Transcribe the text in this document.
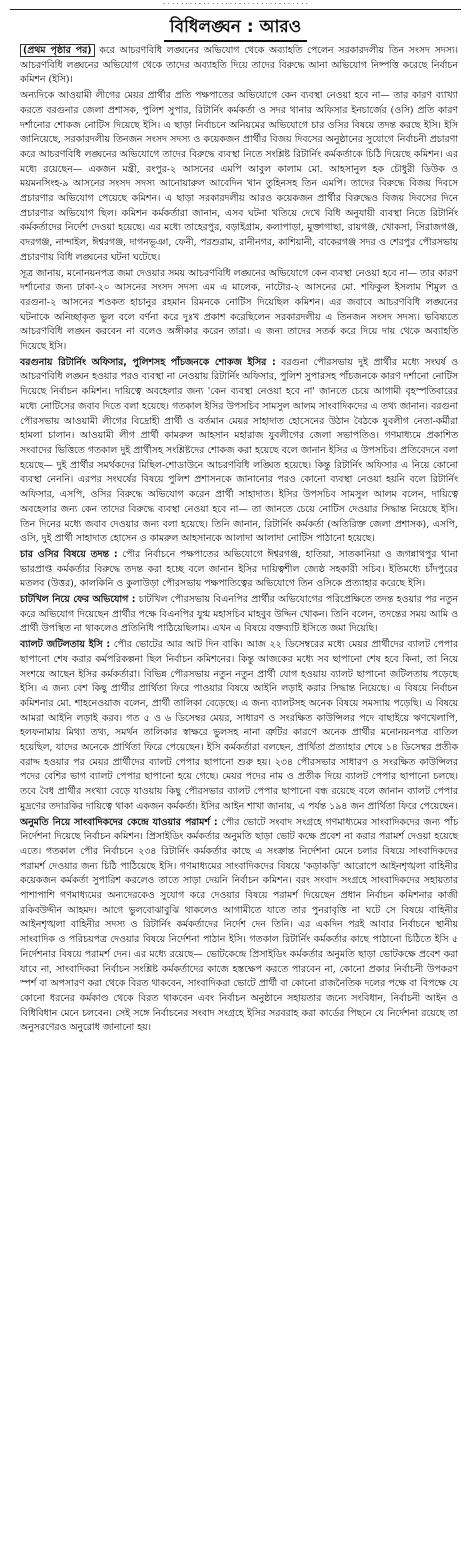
· · · · · · · · · · · · · · · · · · · · · · · · · · · · · · · · ·
বিধিলঙ্ঘন : আরও

(প্রথম পৃষ্ঠার পর) করে আচরণবিধি লঙ্ঘনের অভিযোগ থেকে অব্যাহতি পেলেন সরকারদলীয় তিন সংসদ সদস্য। আচরণবিধি লঙ্ঘনের অভিযোগ থেকে তাদের অব্যাহতি দিয়ে তাদের বিরুদ্ধে আনা অভিযোগ নিষ্পত্তি করেছে নির্বাচন কমিশন (ইসি)।

অন্যদিকে আওয়ামী লীগের মেয়র প্রার্থীর প্রতি পক্ষপাতের অভিযোগে কেন ব্যবস্থা নেওয়া হবে না— তার কারণ ব্যাখ্যা করতে বরগুনার জেলা প্রশাসক, পুলিশ সুপার, রিটার্নিং কর্মকর্তা ও সদর থানার অফিসার ইনচার্জের (ওসি) প্রতি কারণ দর্শানোর শোকজ নোটিস দিয়েছে ইসি। এ ছাড়া নির্বাচনে অনিয়মের অভিযোগে চার ওসির বিষয়ে তদন্ত করছে ইসি। ইসি জানিয়েছে, সরকারদলীয় তিনজন সংসদ সদস্য ও কয়েকজন প্রার্থীর বিজয় দিবসের অনুষ্ঠানের সুযোগে নির্বাচনী প্রচারণা করে আচরণবিধি লঙ্ঘনের অভিযোগে তাদের বিরুদ্ধে ব্যবস্থা নিতে সংশ্লিষ্ট রিটার্নিং কর্মকর্তাকে চিঠি দিয়েছে কমিশন। এর মধ্যে রয়েছেন— একজন মন্ত্রী, রংপুর-২ আসনের এমপি আবুল কালাম মো. আহসানুল হক চৌধুরী ডিউক ও ময়মনসিংহ-৯ আসনের সংসদ সদস্য আনোয়ারুল আবেদিন খান তুহিনসহ তিন এমপি। তাদের বিরুদ্ধে বিজয় দিবসে প্রচারণার অভিযোগ পেয়েছে কমিশন। এ ছাড়া সরকারদলীয় আরও কয়েকজন প্রার্থীর বিরুদ্ধেও বিজয় দিবসের দিনে প্রচারণার অভিযোগ ছিল। কমিশন কর্মকর্তারা জানান, এসব ঘটনা খতিয়ে দেখে বিধি অনুযায়ী ব্যবস্থা নিতে রিটার্নিং কর্মকর্তাদের নির্দেশ দেওয়া হয়েছে। এর মধ্যে তাহেরপুর, বড়াইগ্রাম, কলাপাড়া, মুক্তাগাছা, রায়গঞ্জ, খোকসা, সিরাজগঞ্জ, বদরগঞ্জ, নান্দাইল, ঈশ্বরগঞ্জ, দাগনভূঞা, ফেনী, পরশুরাম, রানীনগর, কাশিয়ানী, বাকেরগঞ্জ সদর ও শেরপুর পৌরসভায় প্রচারণায় বিধি লঙ্ঘনের ঘটনা ঘটেছে।

সূত্র জানায়, মনোনয়নপত্র জমা দেওয়ার সময় আচরণবিধি লঙ্ঘনের অভিযোগে কেন ব্যবস্থা নেওয়া হবে না— তার কারণ দর্শানোর জন্য ঢাকা-২০ আসনের সংসদ সদস্য এম এ মালেক, নাটোর-২ আসনের মো. শফিকুল ইসলাম শিমুল ও বরগুনা-২ আসনের শওকত হাচানুর রহমান রিমনকে নোটিস দিয়েছিল কমিশন। এর জবাবে আচরণবিধি লঙ্ঘনের ঘটনাকে অনিচ্ছাকৃত ভুল বলে বর্ণনা করে দুঃখ প্রকাশ করেছিলেন সরকারদলীয় এ তিনজন সংসদ সদস্য। ভবিষ্যতে আচরণবিধি লঙ্ঘন করবেন না বলেও অঙ্গীকার করেন তারা। এ জন্য তাদের সতর্ক করে দিয়ে দায় থেকে অব্যাহতি দিয়েছে ইসি।

বরগুনায় রিটার্নিং অফিসার, পুলিশসহ পাঁচজনকে শোকজ ইসির : বরগুনা পৌরসভায় দুই প্রার্থীর মধ্যে সংঘর্ষ ও আচরণবিধি লঙ্ঘন হওয়ার পরও ব্যবস্থা না নেওয়ায় রিটার্নিং অফিসার, পুলিশ সুপারসহ পাঁচজনকে কারণ দর্শানো নোটিস দিয়েছে নির্বাচন কমিশন। দায়িত্বে অবহেলার জন্য 'কেন ব্যবস্থা নেওয়া হবে না' জানতে চেয়ে আগামী বৃহস্পতিবারের মধ্যে নোটিসের জবাব দিতে বলা হয়েছে। গতকাল ইসির উপসচিব সামসুল আলম সাংবাদিকদের এ তথ্য জানান। বরগুনা পৌরসভায় আওয়ামী লীগের বিদ্রোহী প্রার্থী ও বর্তমান মেয়র সাহাদাত হোসেনের উঠান বৈঠকে যুবলীগ নেতা-কর্মীরা হামলা চালান। আওয়ামী লীগ প্রার্থী কামরুল আহসান মহারাজ যুবলীগের জেলা সভাপতিও। গণমাধ্যমে প্রকাশিত সংবাদের ভিত্তিতে গতকাল দুই প্রার্থীসহ সংশ্লিষ্টদের শোকজ করা হয়েছে বলে জানান ইসির এ উপসচিব। প্রতিবেদনে বলা হয়েছে— দুই প্রার্থীর সমর্থকদের মিছিল-শোডাউনে আচরণবিধি লঙ্ঘিত হয়েছে। কিন্তু রিটার্নিং অফিসার এ নিয়ে কোনো ব্যবস্থা নেননি। এরপর সংঘর্ষের বিষয়ে পুলিশ প্রশাসনকে জানানোর পরও কোনো ব্যবস্থা নেওয়া হয়নি বলে রিটার্নিং অফিসার, এসপি, ওসির বিরুদ্ধে অভিযোগ করেন প্রার্থী সাহাদাত। ইসির উপসচিব সামসুল আলম বলেন, দায়িত্বে অবহেলার জন্য কেন তাদের বিরুদ্ধে ব্যবস্থা নেওয়া হবে না— তা জানতে চেয়ে নোটিস দেওয়ার সিদ্ধান্ত নিয়েছে ইসি। তিন দিনের মধ্যে জবাব দেওয়ার জন্য বলা হয়েছে। তিনি জানান, রিটার্নিং কর্মকর্তা (অতিরিক্ত জেলা প্রশাসক), এসপি, ওসি, দুই প্রার্থী সাহাদাত হোসেন ও কামরুল আহসানকে আলাদা আলাদা নোটিস পাঠানো হয়েছে।

চার ওসির বিষয়ে তদন্ত : পৌর নির্বাচনে পক্ষপাতের অভিযোগে ঈশ্বরগঞ্জ, হাতিয়া, সাতকানিয়া ও জগন্নাথপুর থানা ভারপ্রাপ্ত কর্মকর্তার বিরুদ্ধে তদন্ত করা হচ্ছে বলে জানান ইসির দায়িত্বশীল জ্যেষ্ঠ সহকারী সচিব। ইতিমধ্যে চাঁদপুরের মতলব (উত্তর), কালকিনি ও কুলাউড়া পৌরসভায় পক্ষপাতিত্বের অভিযোগে তিন ওসিকে প্রত্যাহার করেছে ইসি।

চাটখিল নিয়ে ফের অভিযোগ : চাটখিল পৌরসভায় বিএনপির প্রার্থীর অভিযোগের পরিপ্রেক্ষিতে তদন্ত হওয়ার পর নতুন করে অভিযোগ দিয়েছেন প্রার্থীর পক্ষে বিএনপির যুগ্ম মহাসচিব মাহবুব উদ্দিন খোকন। তিনি বলেন, তদন্তের সময় আমি ও প্রার্থী উপস্থিত না থাকলেও প্রতিনিধি পাঠিয়েছিলাম। এখন এ বিষয়ে বক্তব্যটি ইসিতে জমা দিয়েছি।

ব্যালট জটিলতায় ইসি : পৌর ভোটের আর আট দিন বাকি। আজ ২২ ডিসেম্বরের মধ্যে মেয়র প্রার্থীদের ব্যালট পেপার ছাপানো শেষ করার কর্মপরিকল্পনা ছিল নির্বাচন কমিশনের। কিন্তু আজকের মধ্যে সব ছাপানো শেষ হবে কিনা, তা নিয়ে সংশয়ে আছেন ইসির কর্মকর্তারা। বিভিন্ন পৌরসভায় নতুন নতুন প্রার্থী যোগ হওয়ায় ব্যালট ছাপানো জটিলতায় পড়েছে ইসি। এ জন্য বেশ কিছু প্রার্থীর প্রার্থিতা ফিরে পাওয়ার বিষয়ে আইনি লড়াই করার সিদ্ধান্ত নিয়েছে। এ বিষয়ে নির্বাচন কমিশনার মো. শাহনেওয়াজ বলেন, প্রার্থী তালিকা বেড়েছে। এ জন্য ব্যালটসহ অনেক বিষয়ে সমস্যায় পড়েছি। এ বিষয়ে আমরা আইনি লড়াই করব। গত ৫ ও ৬ ডিসেম্বর মেয়র, সাধারণ ও সংরক্ষিত কাউন্সিলর পদে বাছাইয়ে ঋণখেলাপি, হলফনামায় মিথ্যা তথ্য, সমর্থন তালিকার স্বাক্ষরে ভুলসহ নানা ত্রুটির কারণে অনেক প্রার্থীর মনোনয়নপত্র বাতিল হয়েছিল, যাদের অনেকে প্রার্থিতা ফিরে পেয়েছেন। ইসি কর্মকর্তারা বলছেন, প্রার্থিতা প্রত্যাহার শেষে ১৪ ডিসেম্বর প্রতীক বরাদ্দ হওয়ার পর মেয়র প্রার্থীদের ব্যালট পেপার ছাপানো শুরু হয়। ২৩৪ পৌরসভার সাধারণ ও সংরক্ষিত কাউন্সিলর পদের বেশির ভাগ ব্যালট পেপার ছাপানো হয়ে গেছে। মেয়র পদের নাম ও প্রতীক দিয়ে ব্যালট পেপার ছাপানো চলছে। তবে বৈধ প্রার্থীর সংখ্যা বেড়ে যাওয়ায় কিছু পৌরসভার ব্যালট পেপার ছাপানো বন্ধ রয়েছে বলে জানান ব্যালট পেপার মুদ্রণের তদারকির দায়িত্বে থাকা একজন কর্মকর্তা। ইসির আইন শাখা জানায়, এ পর্যন্ত ১৯৪ জন প্রার্থিতা ফিরে পেয়েছেন।

অনুমতি নিয়ে সাংবাদিকদের কেন্দ্রে যাওয়ার পরামর্শ : পৌর ভোটে সংবাদ সংগ্রহে গণমাধ্যমের সাংবাদিকদের জন্য পাঁচ নির্দেশনা দিয়েছে নির্বাচন কমিশন। প্রিসাইডিং কর্মকর্তার অনুমতি ছাড়া ভোট কক্ষে প্রবেশ না করার পরামর্শ দেওয়া হয়েছে এতে। গতকাল পৌর নির্বাচনে ২৩৪ রিটার্নিং কর্মকর্তার কাছে এ সংক্রান্ত নির্দেশনা মেনে চলার বিষয়ে সাংবাদিকদের পরামর্শ দেওয়ার জন্য চিঠি পাঠিয়েছে ইসি। গণমাধ্যমের সাংবাদিকদের বিষয়ে 'কড়াকড়ি' আরোপে আইনশৃঙ্খলা বাহিনীর কয়েকজন কর্মকর্তা সুপারিশ করলেও তাতে সাড়া দেয়নি নির্বাচন কমিশন। বরং সংবাদ সংগ্রহে সাংবাদিকদের সহায়তার পাশাপাশি গণমাধ্যমের অন্যদেরকেও সুযোগ করে দেওয়ার বিষয়ে পরামর্শ দিয়েছেন প্রধান নির্বাচন কমিশনার কাজী রকিবউদ্দীন আহমদ। আগে ভুলবোঝাবুঝি থাকলেও আগামীতে যাতে তার পুনরাবৃত্তি না ঘটে সে বিষয়ে বাহিনীর আইনশৃঙ্খলা বাহিনীর সদস্য ও রিটার্নিং কর্মকর্তাদের নির্দেশ দেন তিনি। এর একদিন পরই আবার নির্বাচনে স্থানীয় সাংবাদিক ও পরিচয়পত্র দেওয়ার বিষয়ে নির্দেশনা পাঠান ইসি। গতকাল রিটার্নিং কর্মকর্তার কাছে পাঠানো চিঠিতে ইসি ৫ নির্দেশনার বিষয়ে পরামর্শ দেন। এর মধ্যে রয়েছে— ভোটকেন্দ্রে প্রিসাইডিং কর্মকর্তার অনুমতি ছাড়া ভোটকক্ষে প্রবেশ করা যাবে না, সাংবাদিকরা নির্বাচন সংশ্লিষ্ট কর্মকর্তাদের কাজে হস্তক্ষেপ করতে পারবেন না, কোনো প্রকার নির্বাচনী উপকরণ স্পর্শ বা অপসারণ করা থেকে বিরত থাকবেন, সাংবাদিকরা ভোটে প্রার্থী বা কোনো রাজনৈতিক দলের পক্ষে বা বিপক্ষে যে কোনো ধরনের কর্মকাণ্ড থেকে বিরত থাকবেন এবং নির্বাচন অনুষ্ঠানে সহায়তার জন্যে সংবিধান, নির্বাচনী আইন ও বিধিবিধান মেনে চলবেন। সেই সঙ্গে নির্বাচনের সংবাদ সংগ্রহে ইসির সরবরাহ করা কার্ডের পিছনে যে নির্দেশনা রয়েছে তা অনুসরণেরও অনুরোধ জানানো হয়।
